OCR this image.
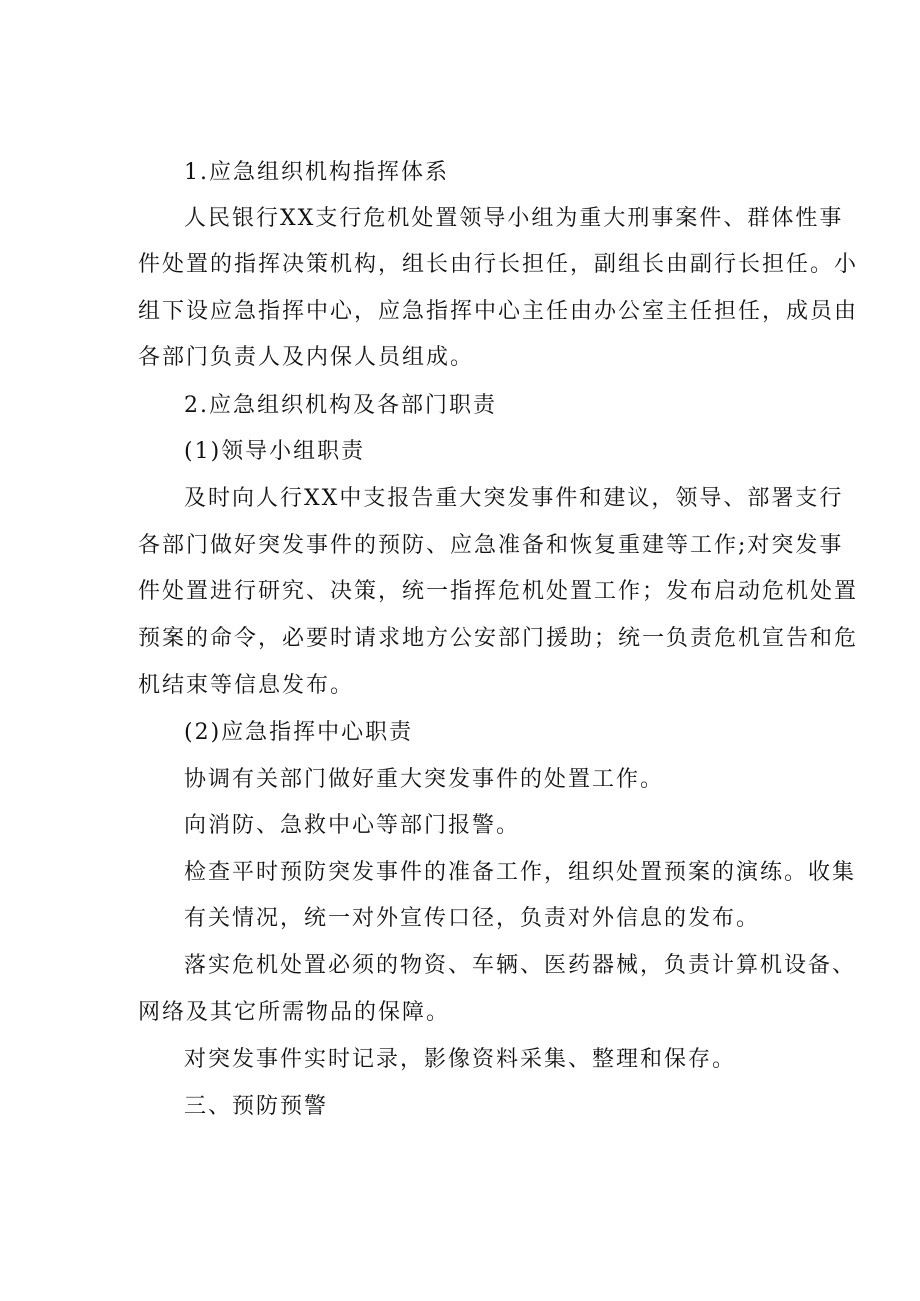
1.应急组织机构指挥体系
人民银行XX支行危机处置领导小组为重大刑事案件、群体性事
件处置的指挥决策机构，组长由行长担任，副组长由副行长担任。小
组下设应急指挥中心，应急指挥中心主任由办公室主任担任，成员由
各部门负责人及内保人员组成。
2.应急组织机构及各部门职责
(1)领导小组职责
及时向人行XX中支报告重大突发事件和建议，领导、部署支行
各部门做好突发事件的预防、应急准备和恢复重建等工作;对突发事
件处置进行研究、决策，统一指挥危机处置工作；发布启动危机处置
预案的命令，必要时请求地方公安部门援助；统一负责危机宣告和危
机结束等信息发布。
(2)应急指挥中心职责
协调有关部门做好重大突发事件的处置工作。
向消防、急救中心等部门报警。
检查平时预防突发事件的准备工作，组织处置预案的演练。收集
有关情况，统一对外宣传口径，负责对外信息的发布。
落实危机处置必须的物资、车辆、医药器械，负责计算机设备、
网络及其它所需物品的保障。
对突发事件实时记录，影像资料采集、整理和保存。
三、预防预警
